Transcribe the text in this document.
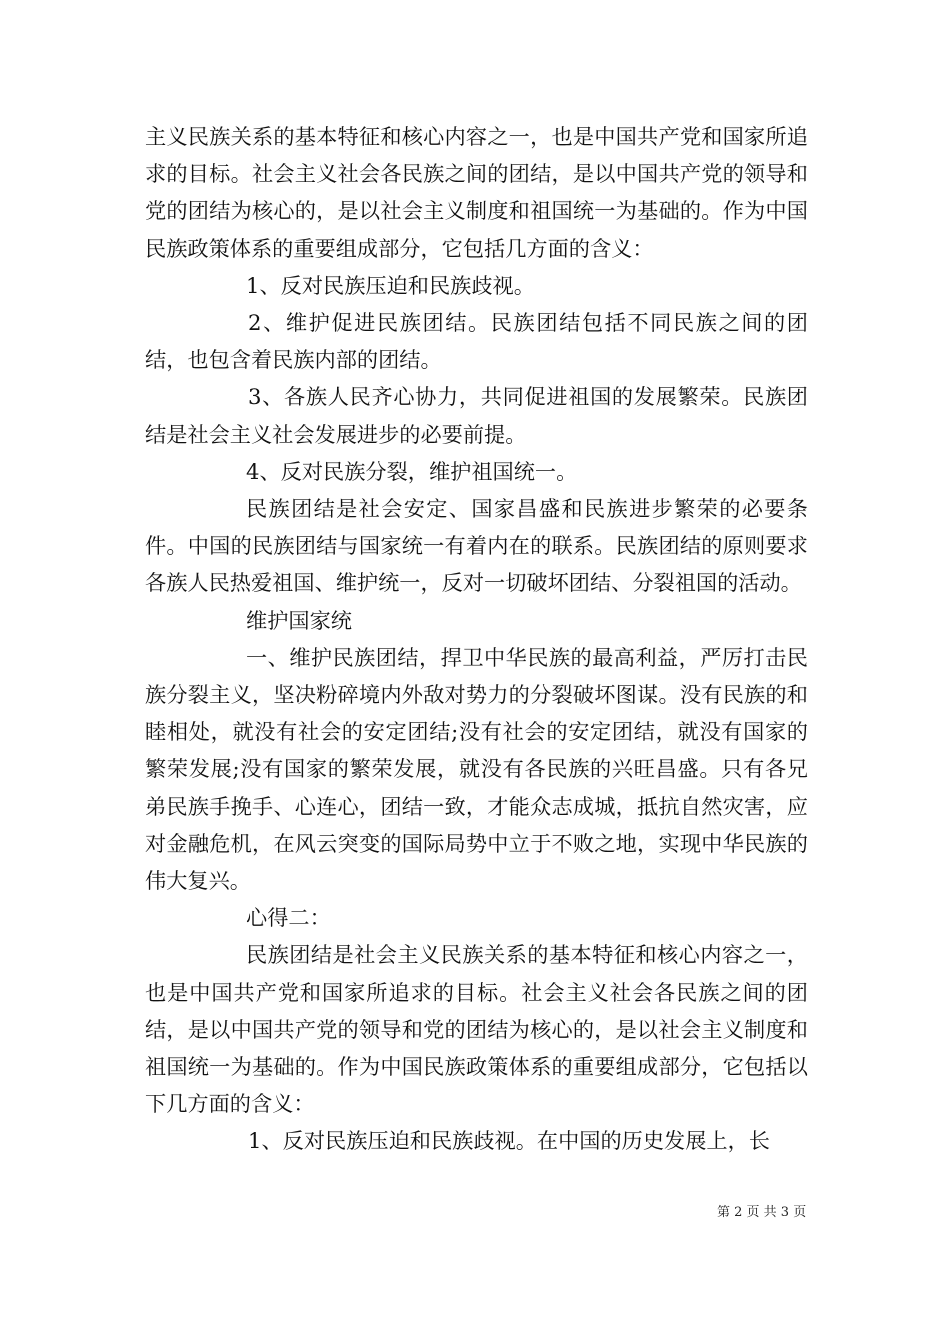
主义民族关系的基本特征和核心内容之一，也是中国共产党和国家所追求的目标。社会主义社会各民族之间的团结，是以中国共产党的领导和党的团结为核心的，是以社会主义制度和祖国统一为基础的。作为中国民族政策体系的重要组成部分，它包括几方面的含义：

1、反对民族压迫和民族歧视。

2、维护促进民族团结。民族团结包括不同民族之间的团结，也包含着民族内部的团结。

3、各族人民齐心协力，共同促进祖国的发展繁荣。民族团结是社会主义社会发展进步的必要前提。

4、反对民族分裂，维护祖国统一。

民族团结是社会安定、国家昌盛和民族进步繁荣的必要条件。中国的民族团结与国家统一有着内在的联系。民族团结的原则要求各族人民热爱祖国、维护统一，反对一切破坏团结、分裂祖国的活动。

维护国家统

一、维护民族团结，捍卫中华民族的最高利益，严厉打击民族分裂主义，坚决粉碎境内外敌对势力的分裂破坏图谋。没有民族的和睦相处，就没有社会的安定团结;没有社会的安定团结，就没有国家的繁荣发展;没有国家的繁荣发展，就没有各民族的兴旺昌盛。只有各兄弟民族手挽手、心连心，团结一致，才能众志成城，抵抗自然灾害，应对金融危机，在风云突变的国际局势中立于不败之地，实现中华民族的伟大复兴。

心得二：

民族团结是社会主义民族关系的基本特征和核心内容之一，也是中国共产党和国家所追求的目标。社会主义社会各民族之间的团结，是以中国共产党的领导和党的团结为核心的，是以社会主义制度和祖国统一为基础的。作为中国民族政策体系的重要组成部分，它包括以下几方面的含义：

1、反对民族压迫和民族歧视。在中国的历史发展上，长

第 2 页 共 3 页
